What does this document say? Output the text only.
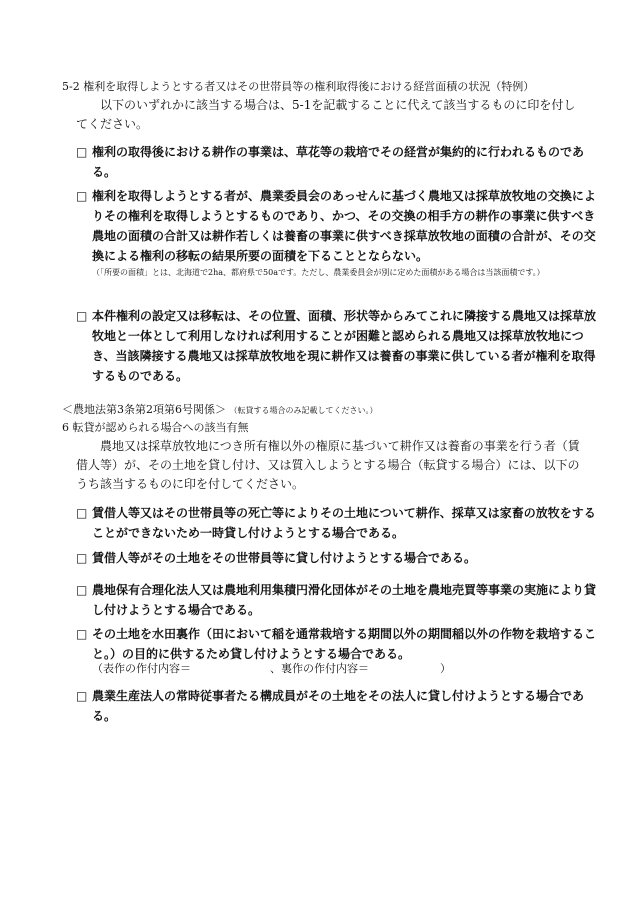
5-2 権利を取得しようとする者又はその世帯員等の権利取得後における経営面積の状況（特例）
以下のいずれかに該当する場合は、5-1を記載することに代えて該当するものに印を付してください。
□ 権利の取得後における耕作の事業は、草花等の栽培でその経営が集約的に行われるものである。
□ 権利を取得しようとする者が、農業委員会のあっせんに基づく農地又は採草放牧地の交換によりその権利を取得しようとするものであり、かつ、その交換の相手方の耕作の事業に供すべき農地の面積の合計又は耕作若しくは養畜の事業に供すべき採草放牧地の面積の合計が、その交換による権利の移転の結果所要の面積を下ることとならない。
（「所要の面積」とは、北海道で2ha、都府県で50aです。ただし、農業委員会が別に定めた面積がある場合は当該面積です。）
□ 本件権利の設定又は移転は、その位置、面積、形状等からみてこれに隣接する農地又は採草放牧地と一体として利用しなければ利用することが困難と認められる農地又は採草放牧地につき、当該隣接する農地又は採草放牧地を現に耕作又は養畜の事業に供している者が権利を取得するものである。
＜農地法第3条第2項第6号関係＞ （転貸する場合のみ記載してください。）
6 転貸が認められる場合への該当有無
農地又は採草放牧地につき所有権以外の権原に基づいて耕作又は養畜の事業を行う者（賃借人等）が、その土地を貸し付け、又は質入しようとする場合（転貸する場合）には、以下のうち該当するものに印を付してください。
□ 賃借人等又はその世帯員等の死亡等によりその土地について耕作、採草又は家畜の放牧をすることができないため一時貸し付けようとする場合である。
□ 賃借人等がその土地をその世帯員等に貸し付けようとする場合である。
□ 農地保有合理化法人又は農地利用集積円滑化団体がその土地を農地売買等事業の実施により貸し付けようとする場合である。
□ その土地を水田裏作（田において稲を通常栽培する期間以外の期間稲以外の作物を栽培すること。）の目的に供するため貸し付けようとする場合である。
（表作の作付内容＝	、裏作の作付内容＝	）
□ 農業生産法人の常時従事者たる構成員がその土地をその法人に貸し付けようとする場合である。
